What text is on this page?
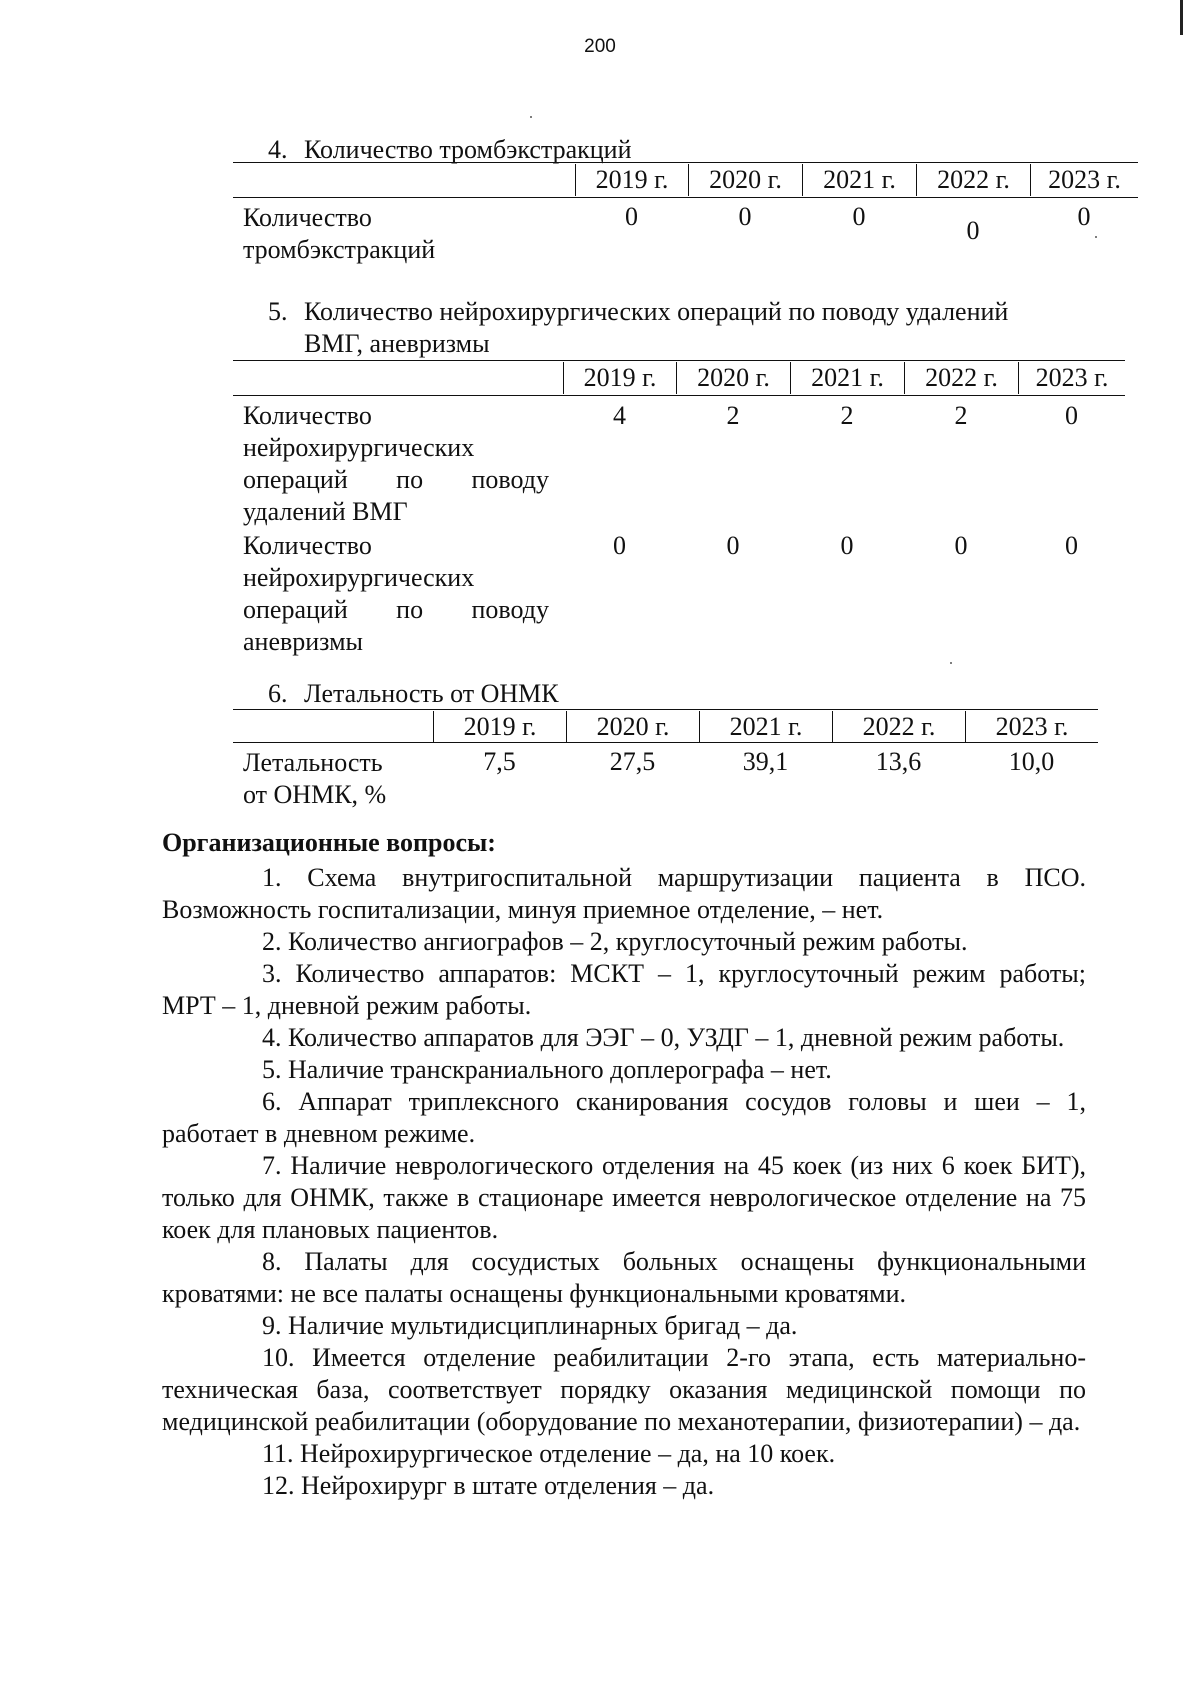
200
4. Количество тромбэкстракций
2019 г.	2020 г.	2021 г.	2022 г.	2023 г.
Количество
тромбэкстракций
0	0	0	0	0
5. Количество нейрохирургических операций по поводу удалений
ВМГ, аневризмы
2019 г.	2020 г.	2021 г.	2022 г.	2023 г.
Количество
нейрохирургических
операций по поводу
удалений ВМГ
4	2	2	2	0
Количество
нейрохирургических
операций по поводу
аневризмы
0	0	0	0	0
6. Летальность от ОНМК
2019 г.	2020 г.	2021 г.	2022 г.	2023 г.
Летальность
от ОНМК, %
7,5	27,5	39,1	13,6	10,0
Организационные вопросы:

1. Схема внутригоспитальной маршрутизации пациента в ПСО. Возможность госпитализации, минуя приемное отделение, – нет.

2. Количество ангиографов – 2, круглосуточный режим работы.

3. Количество аппаратов: МСКТ – 1, круглосуточный режим работы; МРТ – 1, дневной режим работы.

4. Количество аппаратов для ЭЭГ – 0, УЗДГ – 1, дневной режим работы.

5. Наличие транскраниального доплерографа – нет.

6. Аппарат триплексного сканирования сосудов головы и шеи – 1, работает в дневном режиме.

7. Наличие неврологического отделения на 45 коек (из них 6 коек БИТ), только для ОНМК, также в стационаре имеется неврологическое отделение на 75 коек для плановых пациентов.

8. Палаты для сосудистых больных оснащены функциональными кроватями: не все палаты оснащены функциональными кроватями.

9. Наличие мультидисциплинарных бригад – да.

10. Имеется отделение реабилитации 2-го этапа, есть материально-техническая база, соответствует порядку оказания медицинской помощи по медицинской реабилитации (оборудование по механотерапии, физиотерапии) – да.

11. Нейрохирургическое отделение – да, на 10 коек.

12. Нейрохирург в штате отделения – да.
